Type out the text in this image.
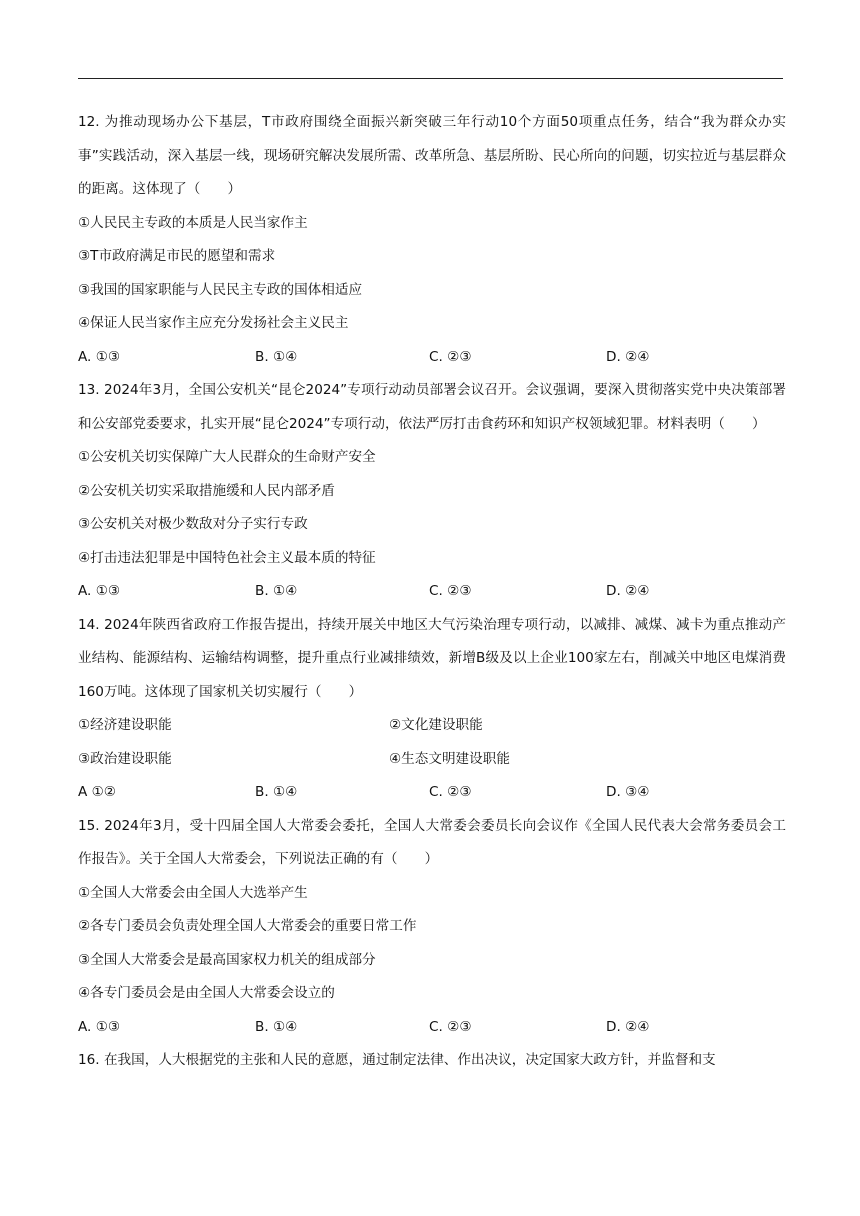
12. 为推动现场办公下基层，T市政府围绕全面振兴新突破三年行动10个方面50项重点任务，结合“我为群众办实事”实践活动，深入基层一线，现场研究解决发展所需、改革所急、基层所盼、民心所向的问题，切实拉近与基层群众的距离。这体现了（　　）

①人民民主专政的本质是人民当家作主

③T市政府满足市民的愿望和需求

③我国的国家职能与人民民主专政的国体相适应

④保证人民当家作主应充分发扬社会主义民主

A. ①③	B. ①④	C. ②③	D. ②④

13. 2024年3月，全国公安机关“昆仑2024”专项行动动员部署会议召开。会议强调，要深入贯彻落实党中央决策部署和公安部党委要求，扎实开展“昆仑2024”专项行动，依法严厉打击食药环和知识产权领域犯罪。材料表明（　　）

①公安机关切实保障广大人民群众的生命财产安全

②公安机关切实采取措施缓和人民内部矛盾

③公安机关对极少数敌对分子实行专政

④打击违法犯罪是中国特色社会主义最本质的特征

A. ①③	B. ①④	C. ②③	D. ②④

14. 2024年陕西省政府工作报告提出，持续开展关中地区大气污染治理专项行动，以减排、减煤、减卡为重点推动产业结构、能源结构、运输结构调整，提升重点行业减排绩效，新增B级及以上企业100家左右，削减关中地区电煤消费160万吨。这体现了国家机关切实履行（　　）

①经济建设职能	②文化建设职能
③政治建设职能	④生态文明建设职能
A ①②	B. ①④	C. ②③	D. ③④

15. 2024年3月，受十四届全国人大常委会委托，全国人大常委会委员长向会议作《全国人民代表大会常务委员会工作报告》。关于全国人大常委会，下列说法正确的有（　　）

①全国人大常委会由全国人大选举产生

②各专门委员会负责处理全国人大常委会的重要日常工作

③全国人大常委会是最高国家权力机关的组成部分

④各专门委员会是由全国人大常委会设立的

A. ①③	B. ①④	C. ②③	D. ②④

16. 在我国，人大根据党的主张和人民的意愿，通过制定法律、作出决议，决定国家大政方针，并监督和支
